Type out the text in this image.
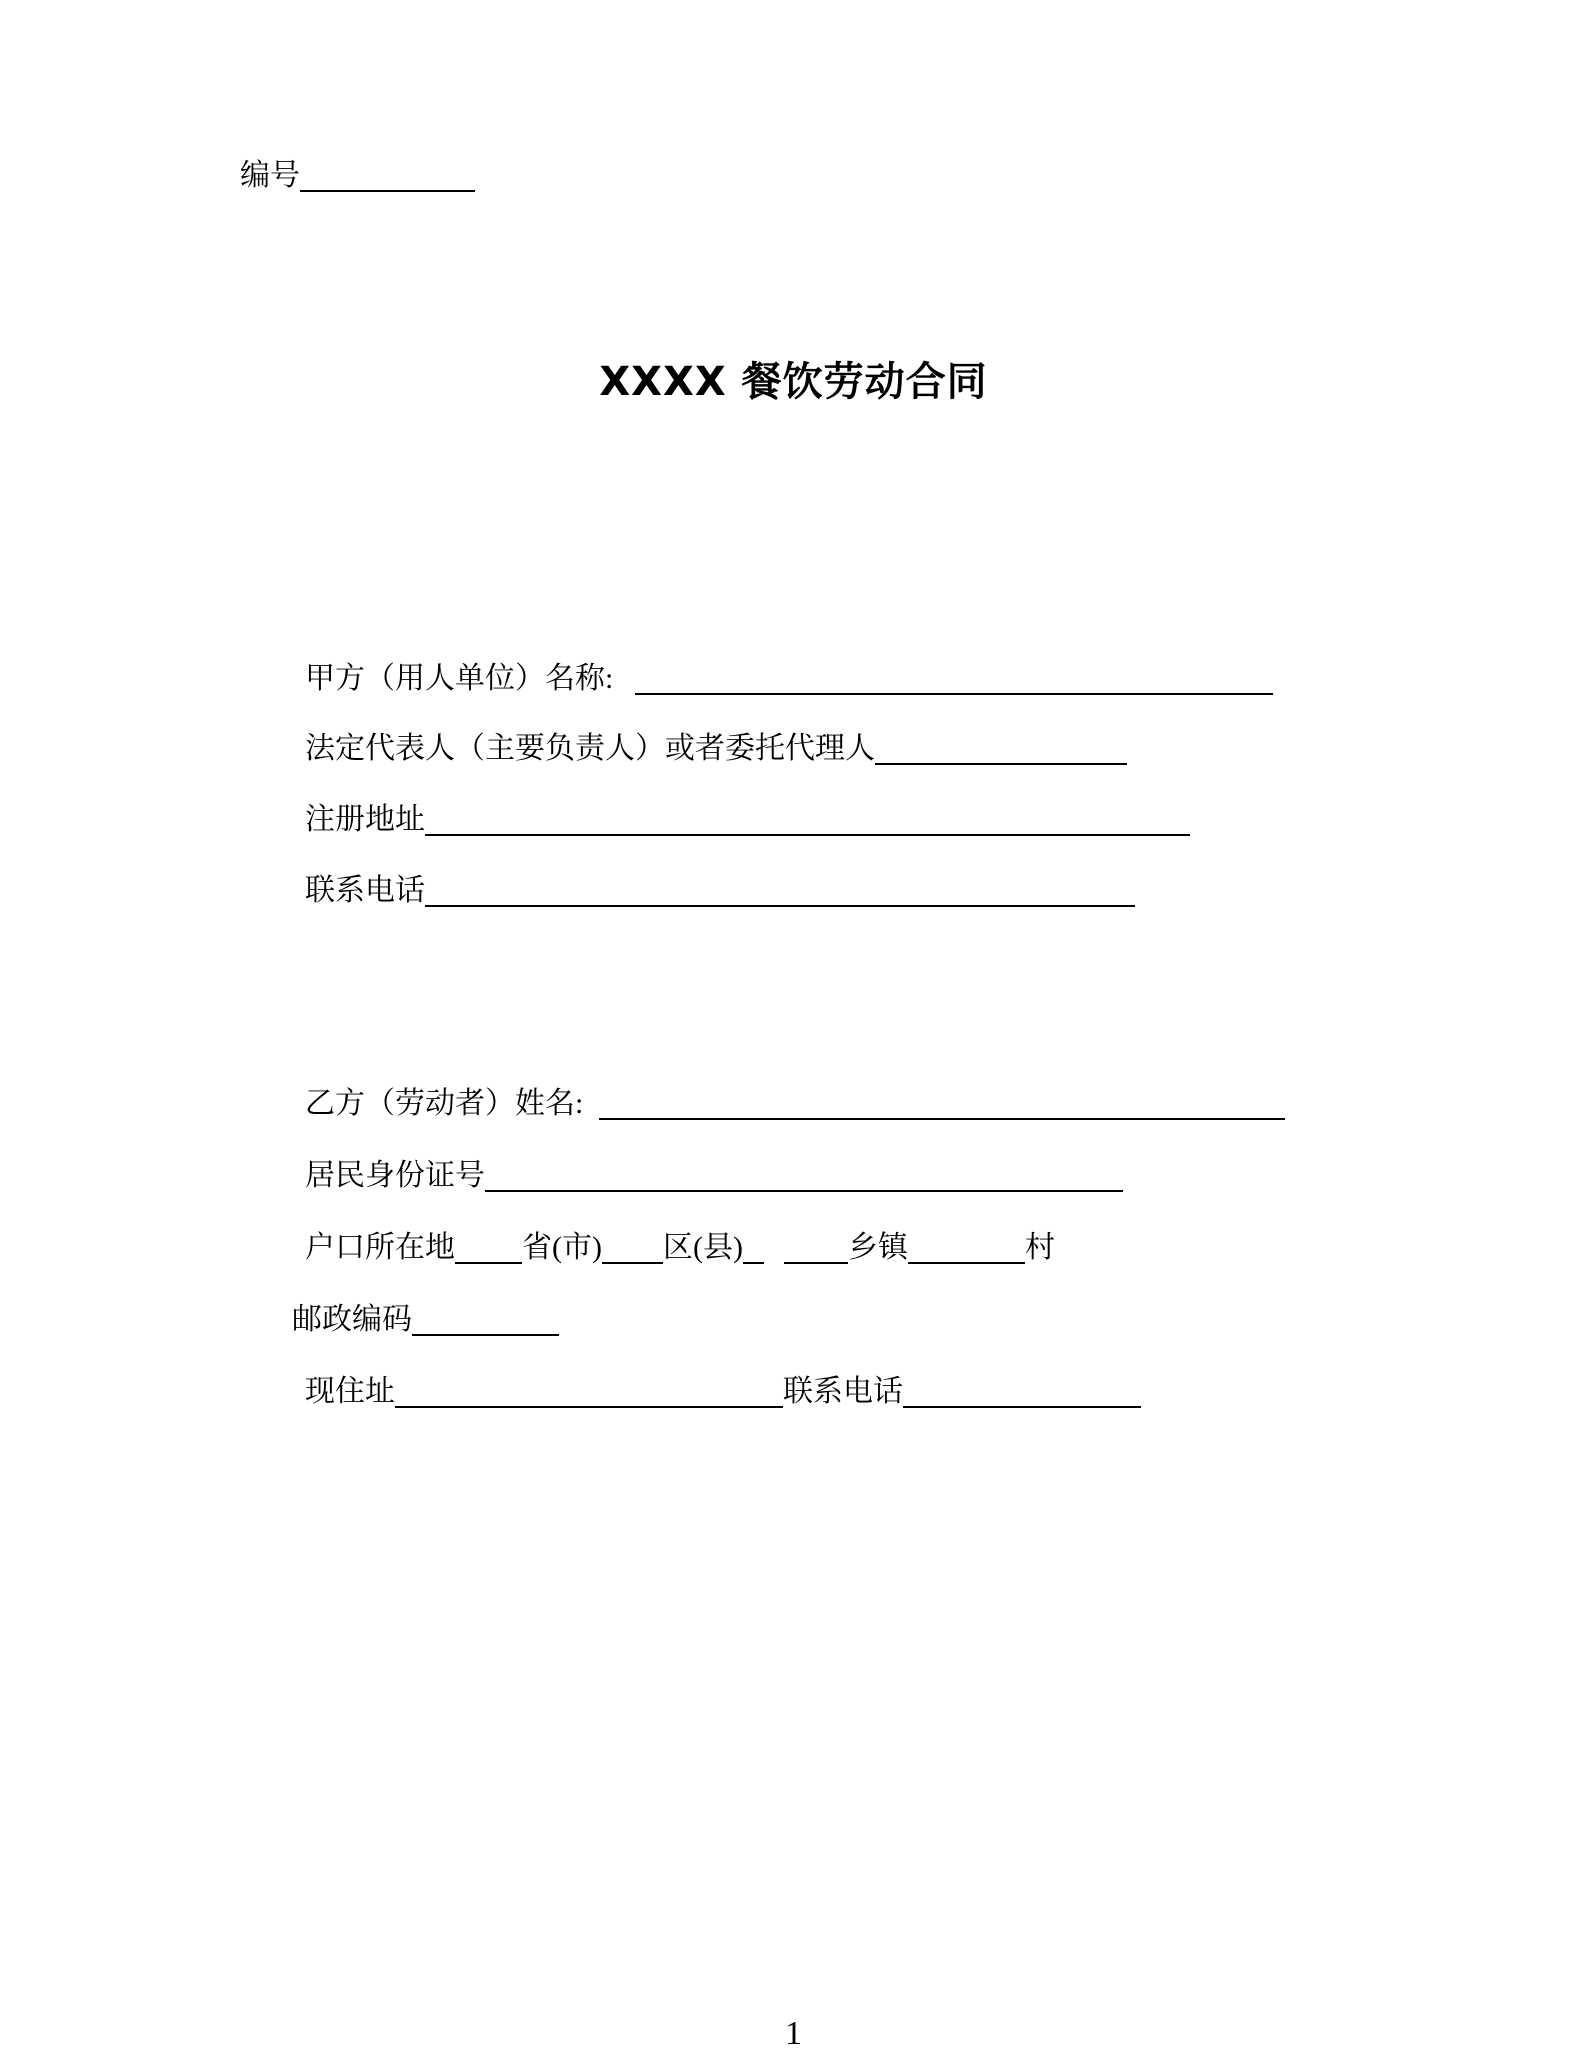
编号
XXXX 餐饮劳动合同
甲方（用人单位）名称:
法定代表人（主要负责人）或者委托代理人
注册地址
联系电话
乙方（劳动者）姓名:
居民身份证号
户口所在地 省(市) 区(县)	乡镇	村
邮政编码
现住址	联系电话
1
